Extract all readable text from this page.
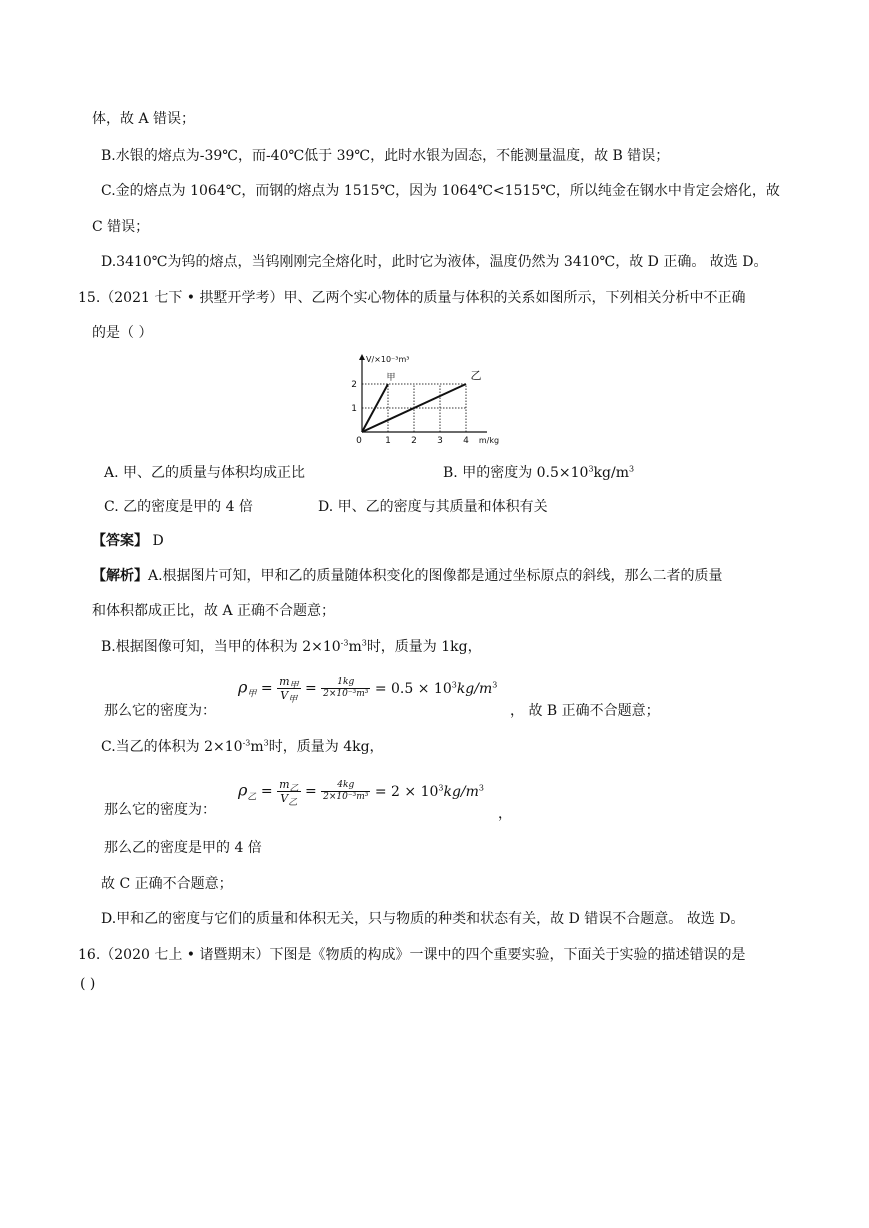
体，故 A 错误；
B.水银的熔点为-39℃，而-40℃低于 39℃，此时水银为固态，不能测量温度，故 B 错误；
C.金的熔点为 1064℃，而钢的熔点为 1515℃，因为 1064℃<1515℃，所以纯金在钢水中肯定会熔化，故
C 错误；
D.3410℃为钨的熔点，当钨刚刚完全熔化时，此时它为液体，温度仍然为 3410℃，故 D 正确。 故选 D。
15.（2021 七下 • 拱墅开学考）甲、乙两个实心物体的质量与体积的关系如图所示，下列相关分析中不正确
的是（ ）
甲	乙
0	1 2 3 4
1
2
V/×10⁻³m³
m/kg
A. 甲、乙的质量与体积均成正比	B. 甲的密度为 $0.5\times 10^3kg/m^3$
C. 乙的密度是甲的 4 倍	D. 甲、乙的密度与其质量和体积有关
【答案】 D
【解析】A.根据图片可知，甲和乙的质量随体积变化的图像都是通过坐标原点的斜线，那么二者的质量
和体积都成正比，故 A 正确不合题意；
B.根据图像可知，当甲的体积为 $2\times 10^{-3}m^3$时，质量为 1kg，
那么它的密度为：
$\rho_甲 = \frac{m_甲}{V_甲} = \frac{1kg}{\text{2×10⁻³m³}} = 0.5 \times 10^3kg/m^3$
， 故 B 正确不合题意；
C.当乙的体积为 $2\times 10^{-3}m^3$时，质量为 4kg，
那么它的密度为：
$\rho_乙 = \frac{m_乙}{V_乙} = \frac{4kg}{\text{2×10⁻³m³}} = 2 \times 10^3kg/m^3$
，
那么乙的密度是甲的 4 倍
故 C 正确不合题意；
D.甲和乙的密度与它们的质量和体积无关，只与物质的种类和状态有关，故 D 错误不合题意。 故选 D。
16.（2020 七上 • 诸暨期末）下图是《物质的构成》一课中的四个重要实验，下面关于实验的描述错误的是
( )
